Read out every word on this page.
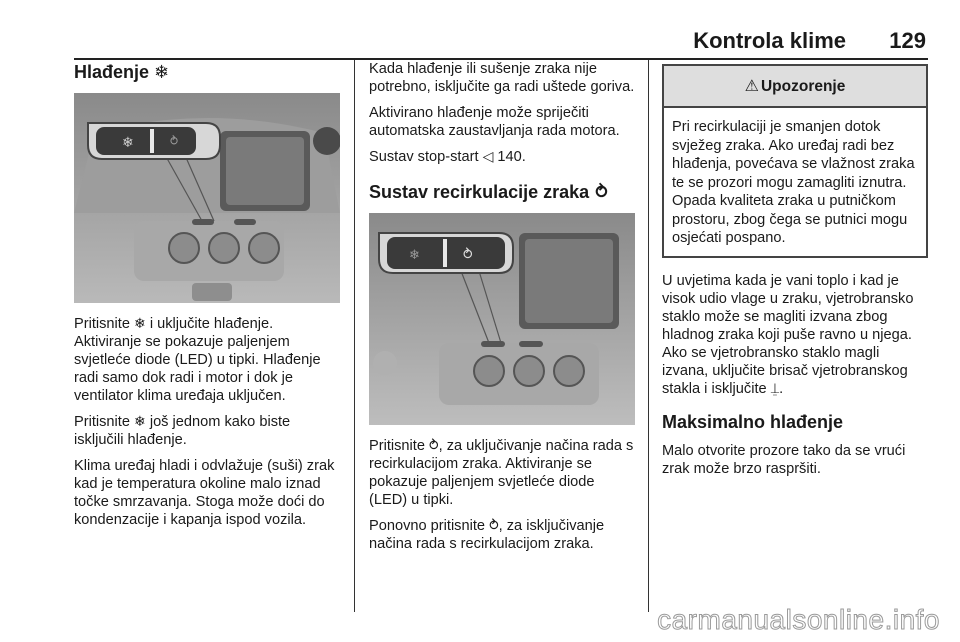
Kontrola klime 129
Hlađenje ❄
❄	⥁

Pritisnite ❄ i uključite hlađenje. Aktiviranje se pokazuje paljenjem svjetleće diode (LED) u tipki. Hlađenje radi samo dok radi i motor i dok je ventilator klima uređaja uključen.

Pritisnite ❄ još jednom kako biste isključili hlađenje.

Klima uređaj hladi i odvlažuje (suši) zrak kad je temperatura okoline malo iznad točke smrzavanja. Stoga može doći do kondenzacije i kapanja ispod vozila.

Kada hlađenje ili sušenje zraka nije potrebno, isključite ga radi uštede goriva.

Aktivirano hlađenje može spriječiti automatska zaustavljanja rada motora.

Sustav stop-start ◁ 140.

Sustav recirkulacije zraka ⥁
❄	⥁

Pritisnite ⥁, za uključivanje načina rada s recirkulacijom zraka. Aktiviranje se pokazuje paljenjem svjetleće diode (LED) u tipki.

Ponovno pritisnite ⥁, za isključivanje načina rada s recirkulacijom zraka.

⚠ Upozorenje

Pri recirkulaciji je smanjen dotok svježeg zraka. Ako uređaj radi bez hlađenja, povećava se vlažnost zraka te se prozori mogu zamagliti iznutra. Opada kvaliteta zraka u putničkom prostoru, zbog čega se putnici mogu osjećati pospano.

U uvjetima kada je vani toplo i kad je visok udio vlage u zraku, vjetrobransko staklo može se magliti izvana zbog hladnog zraka koji puše ravno u njega. Ako se vjetrobransko staklo magli izvana, uključite brisač vjetrobranskog stakla i isključite ⍊.

Maksimalno hlađenje

Malo otvorite prozore tako da se vrući zrak može brzo raspršiti.

carmanualsonline.info
